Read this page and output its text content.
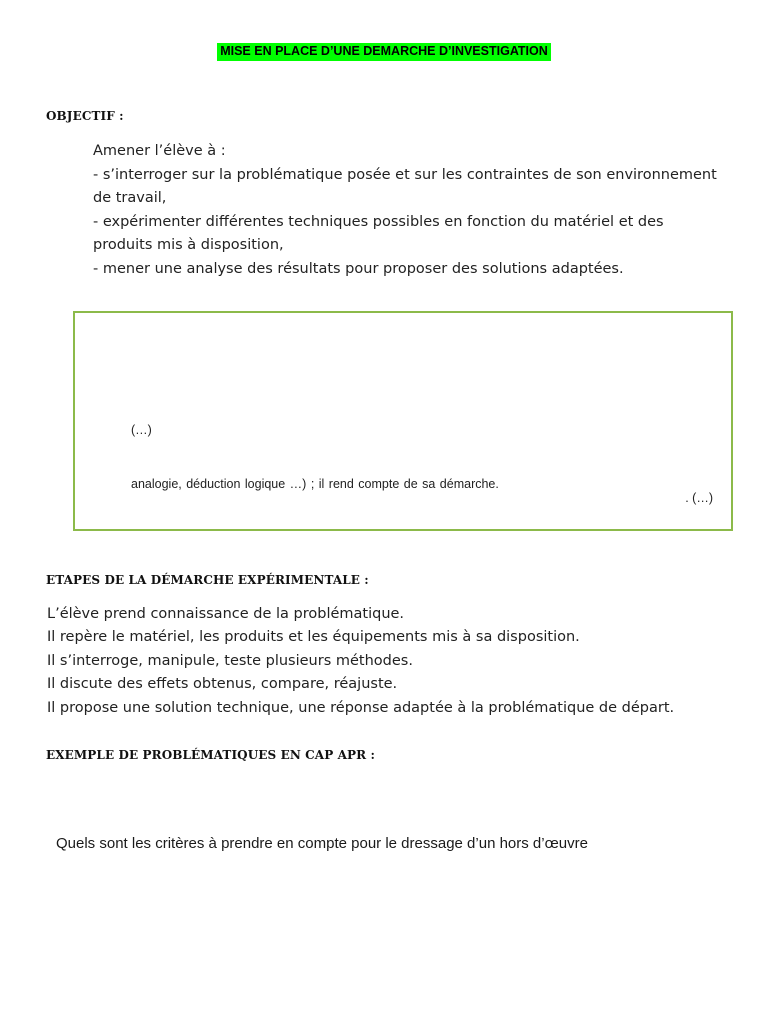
MISE EN PLACE D’UNE DEMARCHE D’INVESTIGATION
OBJECTIF :
Amener l’élève à :
- s’interroger sur la problématique posée et sur les contraintes de son environnement de travail,
- expérimenter différentes techniques possibles en fonction du matériel et des produits mis à disposition,
- mener une analyse des résultats pour proposer des solutions adaptées.
(…)
analogie, déduction logique …) ; il rend compte de sa démarche.
. (…)
ETAPES DE LA DÉMARCHE EXPÉRIMENTALE :
L’élève prend connaissance de la problématique.
Il repère le matériel, les produits et les équipements mis à sa disposition.
Il s’interroge, manipule, teste plusieurs méthodes.
Il discute des effets obtenus, compare, réajuste.
Il propose une solution technique, une réponse adaptée à la problématique de départ.
EXEMPLE DE PROBLÉMATIQUES EN CAP APR :
Quels sont les critères à prendre en compte pour le dressage d’un hors d’œuvre
